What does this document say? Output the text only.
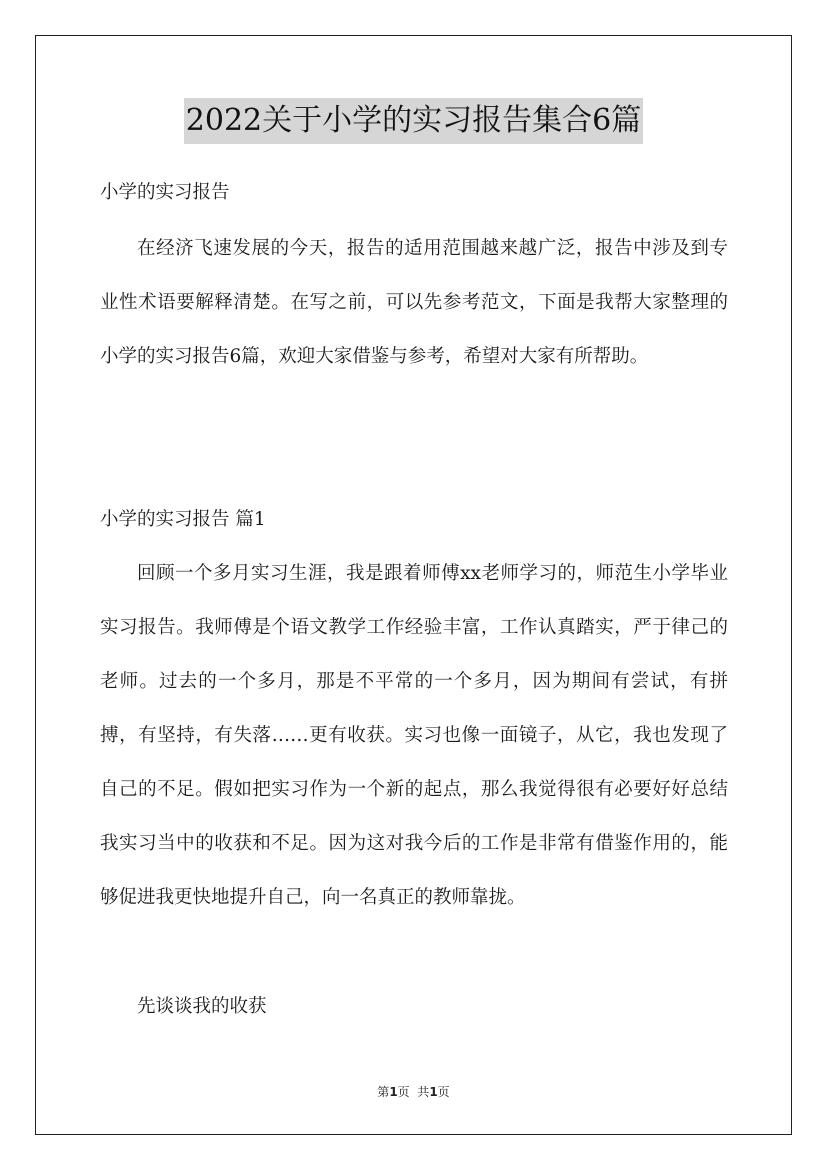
2022关于小学的实习报告集合6篇

小学的实习报告

在经济飞速发展的今天，报告的适用范围越来越广泛，报告中涉及到专业性术语要解释清楚。在写之前，可以先参考范文，下面是我帮大家整理的小学的实习报告6篇，欢迎大家借鉴与参考，希望对大家有所帮助。

小学的实习报告 篇1

回顾一个多月实习生涯，我是跟着师傅xx老师学习的，师范生小学毕业实习报告。我师傅是个语文教学工作经验丰富，工作认真踏实，严于律己的老师。过去的一个多月，那是不平常的一个多月，因为期间有尝试，有拼搏，有坚持，有失落……更有收获。实习也像一面镜子，从它，我也发现了自己的不足。假如把实习作为一个新的起点，那么我觉得很有必要好好总结我实习当中的收获和不足。因为这对我今后的工作是非常有借鉴作用的，能够促进我更快地提升自己，向一名真正的教师靠拢。

先谈谈我的收获

第1页  共1页
